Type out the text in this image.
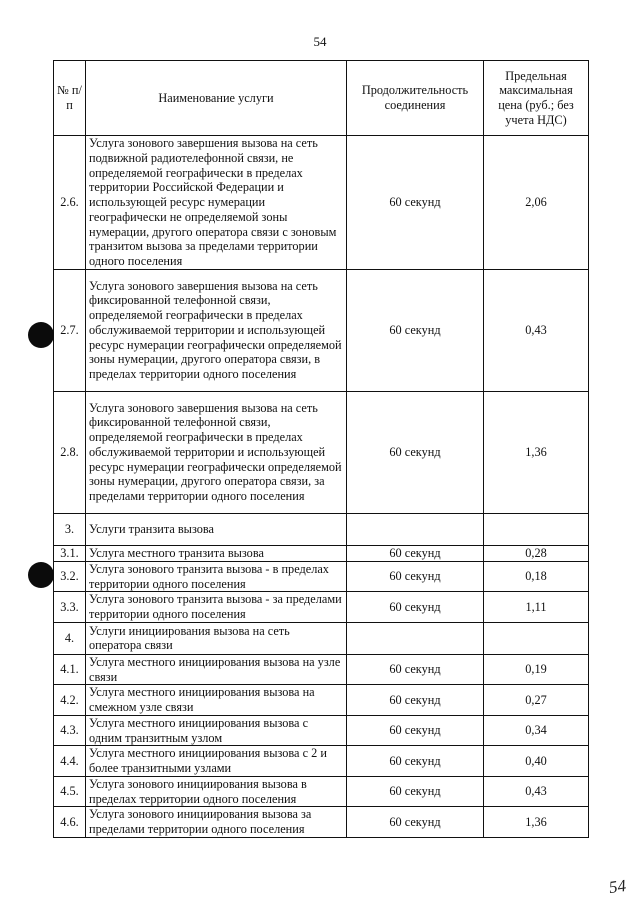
54
№ п/п	Наименование услуги	Продолжительность соединения	Предельная максимальная цена (руб.; без учета НДС)
2.6.	Услуга зонового завершения вызова на сеть подвижной радиотелефонной связи, не определяемой географически в пределах территории Российской Федерации и использующей ресурс нумерации географически не определяемой зоны нумерации, другого оператора связи с зоновым транзитом вызова за пределами территории одного поселения	60 секунд	2,06
2.7.	Услуга зонового завершения вызова на сеть фиксированной телефонной связи, определяемой географически в пределах обслуживаемой территории и использующей ресурс нумерации географически определяемой зоны нумерации, другого оператора связи, в пределах территории одного поселения	60 секунд	0,43
2.8.	Услуга зонового завершения вызова на сеть фиксированной телефонной связи, определяемой географически в пределах обслуживаемой территории и использующей ресурс нумерации географически определяемой зоны нумерации, другого оператора связи, за пределами территории одного поселения	60 секунд	1,36
3.	Услуги транзита вызова		
3.1.	Услуга местного транзита вызова	60 секунд	0,28
3.2.	Услуга зонового транзита вызова - в пределах территории одного поселения	60 секунд	0,18
3.3.	Услуга зонового транзита вызова - за пределами территории одного поселения	60 секунд	1,11
4.	Услуги инициирования вызова на сеть оператора связи		
4.1.	Услуга местного инициирования вызова на узле связи	60 секунд	0,19
4.2.	Услуга местного инициирования вызова на смежном узле связи	60 секунд	0,27
4.3.	Услуга местного инициирования вызова с одним транзитным узлом	60 секунд	0,34
4.4.	Услуга местного инициирования вызова с 2 и более транзитными узлами	60 секунд	0,40
4.5.	Услуга зонового инициирования вызова в пределах территории одного поселения	60 секунд	0,43
4.6.	Услуга зонового инициирования вызова за пределами территории одного поселения	60 секунд	1,36
54
